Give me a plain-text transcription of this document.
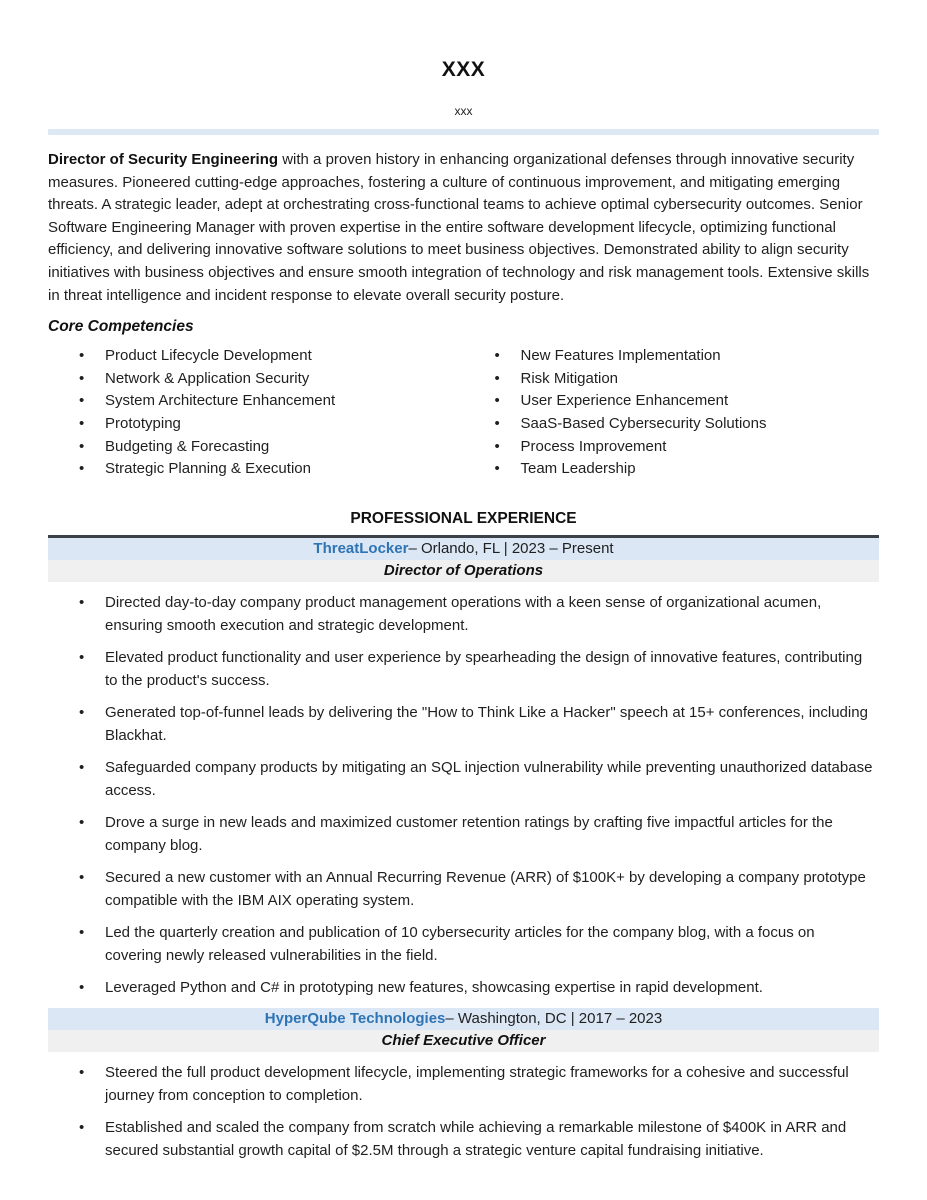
XXX
xxx

Director of Security Engineering with a proven history in enhancing organizational defenses through innovative security measures. Pioneered cutting-edge approaches, fostering a culture of continuous improvement, and mitigating emerging threats. A strategic leader, adept at orchestrating cross-functional teams to achieve optimal cybersecurity outcomes. Senior Software Engineering Manager with proven expertise in the entire software development lifecycle, optimizing functional efficiency, and delivering innovative software solutions to meet business objectives. Demonstrated ability to align security initiatives with business objectives and ensure smooth integration of technology and risk management tools. Extensive skills in threat intelligence and incident response to elevate overall security posture.

Core Competencies
• Product Lifecycle Development
• Network & Application Security
• System Architecture Enhancement
• Prototyping
• Budgeting & Forecasting
• Strategic Planning & Execution
• New Features Implementation
• Risk Mitigation
• User Experience Enhancement
• SaaS-Based Cybersecurity Solutions
• Process Improvement
• Team Leadership
PROFESSIONAL EXPERIENCE
ThreatLocker – Orlando, FL | 2023 – Present
Director of Operations
• Directed day-to-day company product management operations with a keen sense of organizational acumen, ensuring smooth execution and strategic development.
• Elevated product functionality and user experience by spearheading the design of innovative features, contributing to the product's success.
• Generated top-of-funnel leads by delivering the "How to Think Like a Hacker" speech at 15+ conferences, including Blackhat.
• Safeguarded company products by mitigating an SQL injection vulnerability while preventing unauthorized database access.
• Drove a surge in new leads and maximized customer retention ratings by crafting five impactful articles for the company blog.
• Secured a new customer with an Annual Recurring Revenue (ARR) of $100K+ by developing a company prototype compatible with the IBM AIX operating system.
• Led the quarterly creation and publication of 10 cybersecurity articles for the company blog, with a focus on covering newly released vulnerabilities in the field.
• Leveraged Python and C# in prototyping new features, showcasing expertise in rapid development.
HyperQube Technologies – Washington, DC | 2017 – 2023
Chief Executive Officer
• Steered the full product development lifecycle, implementing strategic frameworks for a cohesive and successful journey from conception to completion.
• Established and scaled the company from scratch while achieving a remarkable milestone of $400K in ARR and secured substantial growth capital of $2.5M through a strategic venture capital fundraising initiative.
